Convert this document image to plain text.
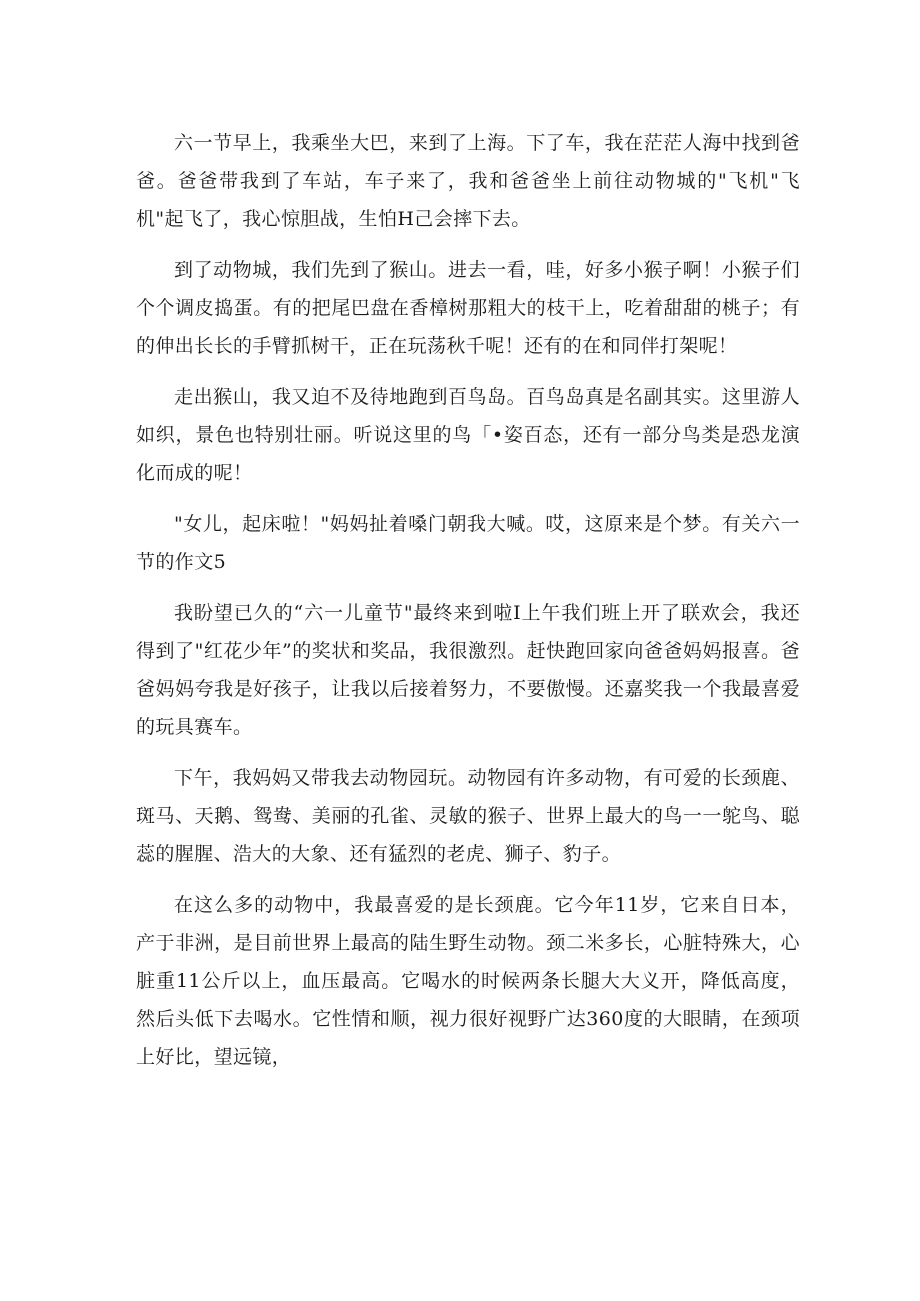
六一节早上，我乘坐大巴，来到了上海。下了车，我在茫茫人海中找到爸爸。爸爸带我到了车站，车子来了，我和爸爸坐上前往动物城的"飞机"飞机"起飞了，我心惊胆战，生怕H己会摔下去。

到了动物城，我们先到了猴山。进去一看，哇，好多小猴子啊！小猴子们个个调皮捣蛋。有的把尾巴盘在香樟树那粗大的枝干上，吃着甜甜的桃子；有的伸出长长的手臂抓树干，正在玩荡秋千呢！还有的在和同伴打架呢！

走出猴山，我又迫不及待地跑到百鸟岛。百鸟岛真是名副其实。这里游人如织，景色也特别壮丽。听说这里的鸟「•姿百态，还有一部分鸟类是恐龙演化而成的呢！

"女儿，起床啦！"妈妈扯着嗓门朝我大喊。哎，这原来是个梦。有关六一节的作文5

我盼望已久的“六一儿童节"最终来到啦I上午我们班上开了联欢会，我还得到了"红花少年”的奖状和奖品，我很激烈。赶快跑回家向爸爸妈妈报喜。爸爸妈妈夸我是好孩子，让我以后接着努力，不要傲慢。还嘉奖我一个我最喜爱的玩具赛车。

下午，我妈妈又带我去动物园玩。动物园有许多动物，有可爱的长颈鹿、斑马、天鹅、鸳鸯、美丽的孔雀、灵敏的猴子、世界上最大的鸟一一鸵鸟、聪蕊的腥腥、浩大的大象、还有猛烈的老虎、狮子、豹子。

在这么多的动物中，我最喜爱的是长颈鹿。它今年11岁，它来自日本，产于非洲，是目前世界上最高的陆生野生动物。颈二米多长，心脏特殊大，心脏重11公斤以上，血压最高。它喝水的时候两条长腿大大义开，降低高度，然后头低下去喝水。它性情和顺，视力很好视野广达360度的大眼睛，在颈项上好比，望远镜，
